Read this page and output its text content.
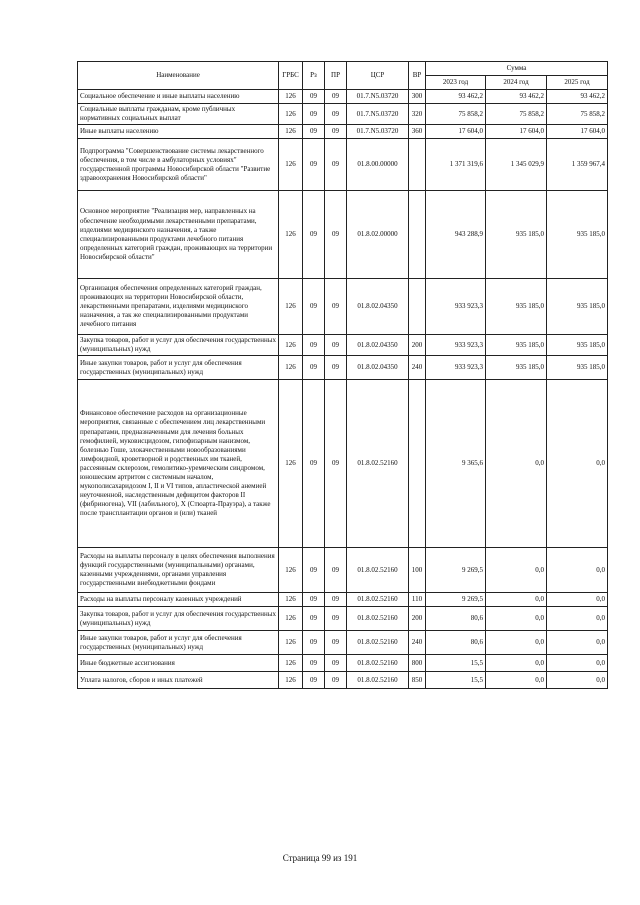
Наименование	ГРБС	Рз	ПР	ЦСР	ВР	Сумма		
						2023 год	2024 год	2025 год
Социальное обеспечение и иные выплаты населению	126	09	09	01.7.N5.03720	300	93 462,2	93 462,2	93 462,2
Социальные выплаты гражданам, кроме публичных нормативных социальных выплат	126	09	09	01.7.N5.03720	320	75 858,2	75 858,2	75 858,2
Иные выплаты населению	126	09	09	01.7.N5.03720	360	17 604,0	17 604,0	17 604,0
Подпрограмма "Совершенствование системы лекарственного обеспечения, в том числе в амбулаторных условиях" государственной программы Новосибирской области "Развитие здравоохранения Новосибирской области"	126	09	09	01.8.00.00000		1 371 319,6	1 345 029,9	1 359 967,4
Основное мероприятие "Реализация мер, направленных на обеспечение необходимыми лекарственными препаратами, изделиями медицинского назначения, а также специализированными продуктами лечебного питания определенных категорий граждан, проживающих на территории Новосибирской области"	126	09	09	01.8.02.00000		943 288,9	935 185,0	935 185,0
Организация обеспечения определенных категорий граждан, проживающих на территории Новосибирской области, лекарственными препаратами, изделиями медицинского назначения, а так же специализированными продуктами лечебного питания	126	09	09	01.8.02.04350		933 923,3	935 185,0	935 185,0
Закупка товаров, работ и услуг для обеспечения государственных (муниципальных) нужд	126	09	09	01.8.02.04350	200	933 923,3	935 185,0	935 185,0
Иные закупки товаров, работ и услуг для обеспечения государственных (муниципальных) нужд	126	09	09	01.8.02.04350	240	933 923,3	935 185,0	935 185,0
Финансовое обеспечение расходов на организационные мероприятия, связанные с обеспечением лиц лекарственными препаратами, предназначенными для лечения больных гемофилией, муковисцидозом, гипофизарным нанизмом, болезнью Гоше, злокачественными новообразованиями лимфоидной, кроветворной и родственных им тканей, рассеянным склерозом, гемолитико-уремическим синдромом, юношеским артритом с системным началом, мукополисахаридозом I, II и VI типов, апластической анемией неуточненной, наследственным дефицитом факторов II (фибриногена), VII (лабильного), X (Стюарта-Прауэра), а также после трансплантации органов и (или) тканей	126	09	09	01.8.02.52160		9 365,6	0,0	0,0
Расходы на выплаты персоналу в целях обеспечения выполнения функций государственными (муниципальными) органами, казенными учреждениями, органами управления государственными внебюджетными фондами	126	09	09	01.8.02.52160	100	9 269,5	0,0	0,0
Расходы на выплаты персоналу казенных учреждений	126	09	09	01.8.02.52160	110	9 269,5	0,0	0,0
Закупка товаров, работ и услуг для обеспечения государственных (муниципальных) нужд	126	09	09	01.8.02.52160	200	80,6	0,0	0,0
Иные закупки товаров, работ и услуг для обеспечения государственных (муниципальных) нужд	126	09	09	01.8.02.52160	240	80,6	0,0	0,0
Иные бюджетные ассигнования	126	09	09	01.8.02.52160	800	15,5	0,0	0,0
Уплата налогов, сборов и иных платежей	126	09	09	01.8.02.52160	850	15,5	0,0	0,0
Страница 99 из 191
